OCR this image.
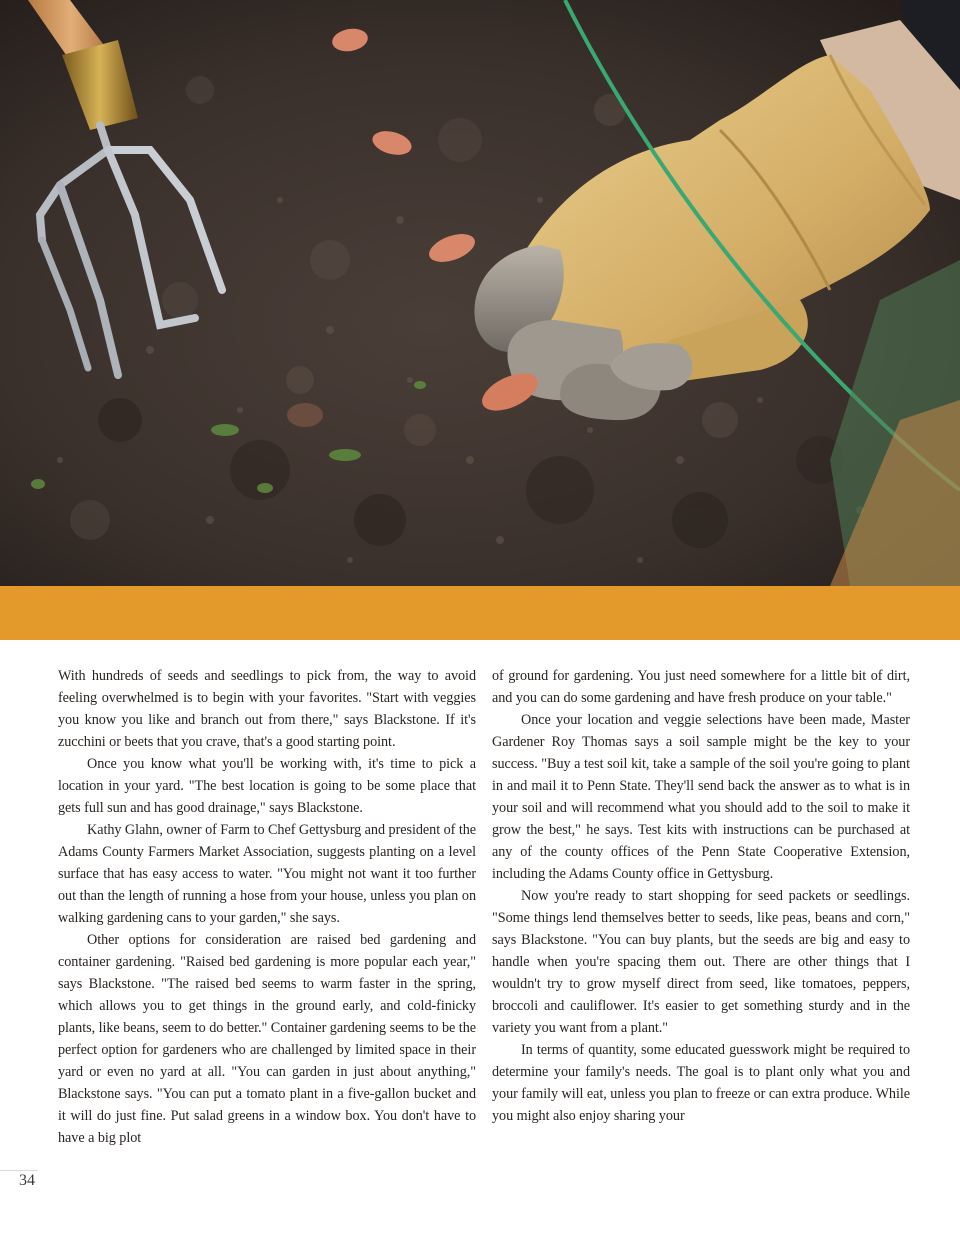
With hundreds of seeds and seedlings to pick from, the way to avoid feeling overwhelmed is to begin with your favorites. "Start with veggies you know you like and branch out from there," says Blackstone. If it's zucchini or beets that you crave, that's a good starting point.

Once you know what you'll be working with, it's time to pick a location in your yard. "The best location is going to be some place that gets full sun and has good drainage," says Blackstone.

Kathy Glahn, owner of Farm to Chef Gettysburg and president of the Adams County Farmers Market Association, suggests planting on a level surface that has easy access to water. "You might not want it too further out than the length of running a hose from your house, unless you plan on walking gardening cans to your garden," she says.

Other options for consideration are raised bed gardening and container gardening. "Raised bed gardening is more popular each year," says Blackstone. "The raised bed seems to warm faster in the spring, which allows you to get things in the ground early, and cold-finicky plants, like beans, seem to do better." Container gardening seems to be the perfect option for gardeners who are challenged by limited space in their yard or even no yard at all. "You can garden in just about anything," Blackstone says. "You can put a tomato plant in a five-gallon bucket and it will do just fine. Put salad greens in a window box. You don't have to have a big plot

of ground for gardening. You just need somewhere for a little bit of dirt, and you can do some gardening and have fresh produce on your table."

Once your location and veggie selections have been made, Master Gardener Roy Thomas says a soil sample might be the key to your success. "Buy a test soil kit, take a sample of the soil you're going to plant in and mail it to Penn State. They'll send back the answer as to what is in your soil and will recommend what you should add to the soil to make it grow the best," he says. Test kits with instructions can be purchased at any of the county offices of the Penn State Cooperative Extension, including the Adams County office in Gettysburg.

Now you're ready to start shopping for seed packets or seedlings. "Some things lend themselves better to seeds, like peas, beans and corn," says Blackstone. "You can buy plants, but the seeds are big and easy to handle when you're spacing them out. There are other things that I wouldn't try to grow myself direct from seed, like tomatoes, peppers, broccoli and cauliflower. It's easier to get something sturdy and in the variety you want from a plant."

In terms of quantity, some educated guesswork might be required to determine your family's needs. The goal is to plant only what you and your family will eat, unless you plan to freeze or can extra produce. While you might also enjoy sharing your

34
